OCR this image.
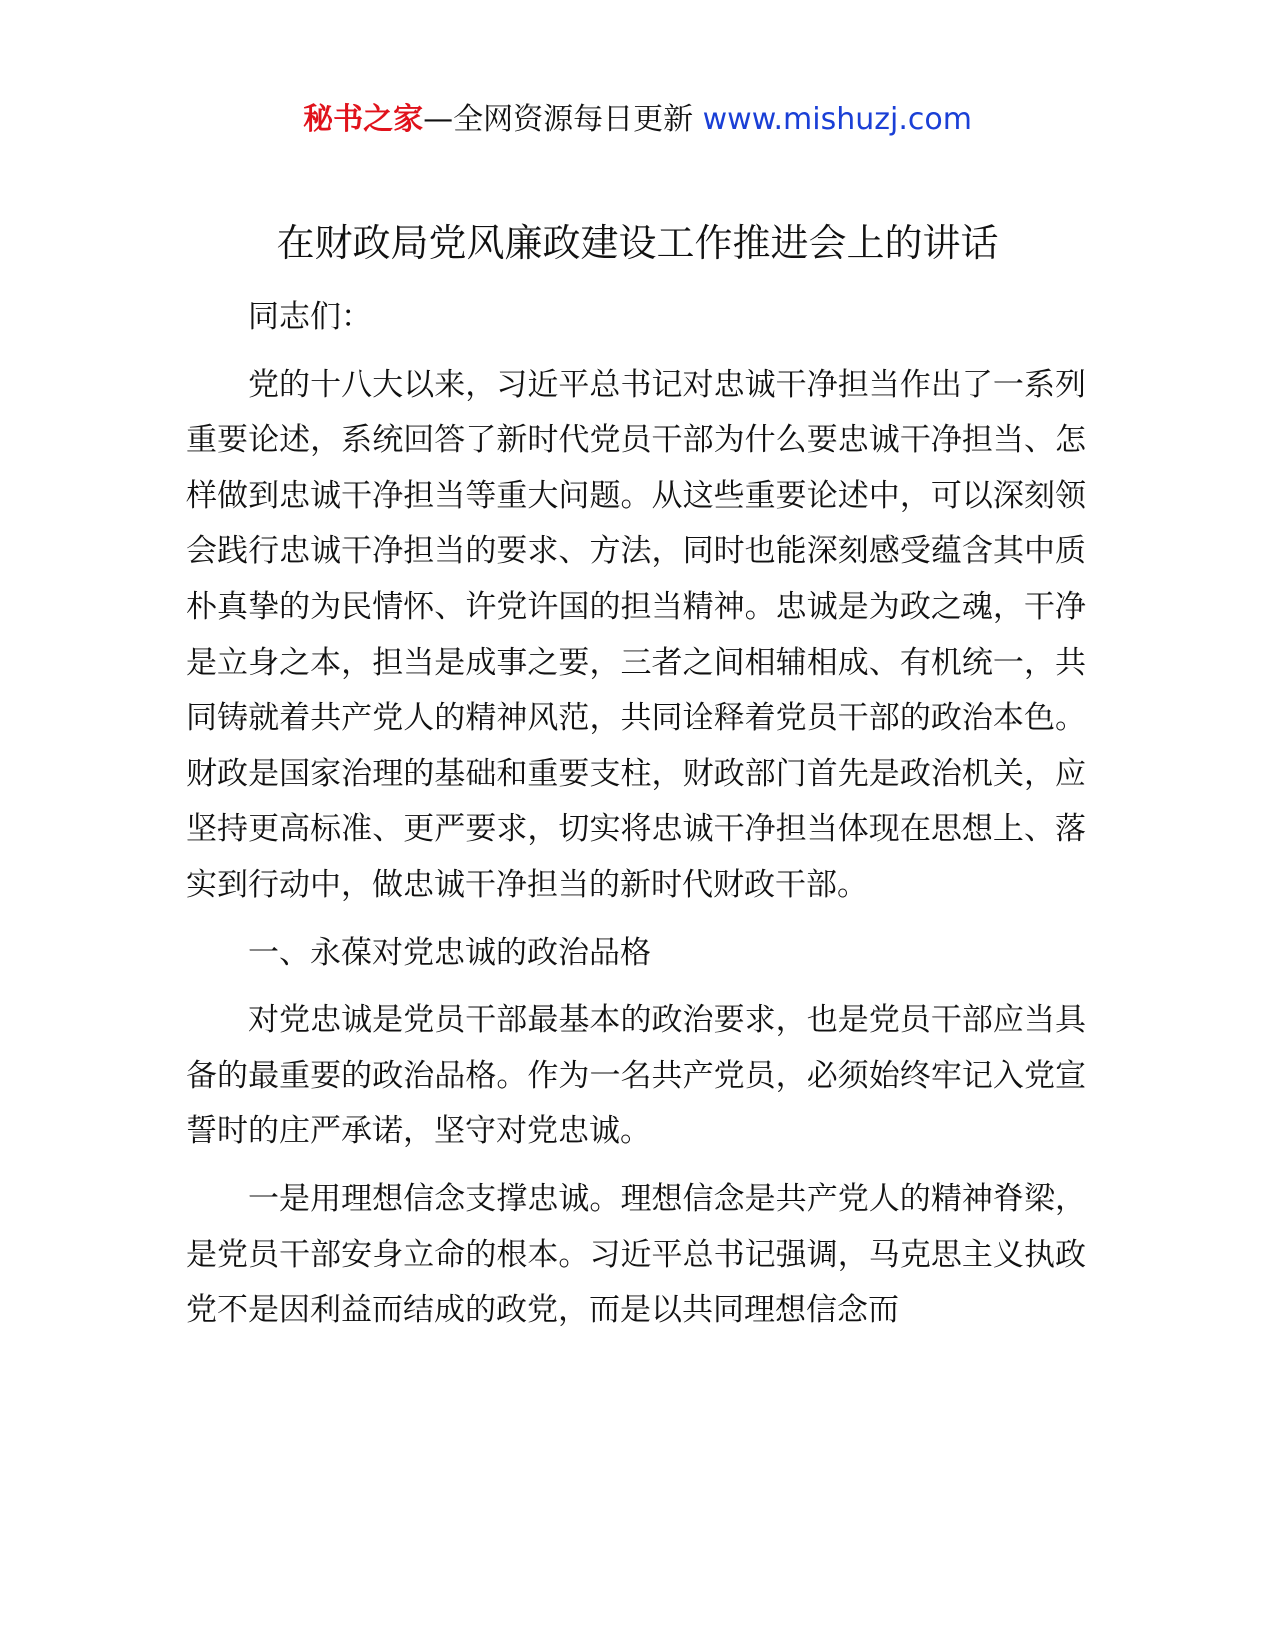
秘书之家—全网资源每日更新 www.mishuzj.com
在财政局党风廉政建设工作推进会上的讲话

同志们：

党的十八大以来，习近平总书记对忠诚干净担当作出了一系列重要论述，系统回答了新时代党员干部为什么要忠诚干净担当、怎样做到忠诚干净担当等重大问题。从这些重要论述中，可以深刻领会践行忠诚干净担当的要求、方法，同时也能深刻感受蕴含其中质朴真挚的为民情怀、许党许国的担当精神。忠诚是为政之魂，干净是立身之本，担当是成事之要，三者之间相辅相成、有机统一，共同铸就着共产党人的精神风范，共同诠释着党员干部的政治本色。财政是国家治理的基础和重要支柱，财政部门首先是政治机关，应坚持更高标准、更严要求，切实将忠诚干净担当体现在思想上、落实到行动中，做忠诚干净担当的新时代财政干部。

一、永葆对党忠诚的政治品格

对党忠诚是党员干部最基本的政治要求，也是党员干部应当具备的最重要的政治品格。作为一名共产党员，必须始终牢记入党宣誓时的庄严承诺，坚守对党忠诚。

一是用理想信念支撑忠诚。理想信念是共产党人的精神脊梁，是党员干部安身立命的根本。习近平总书记强调，马克思主义执政党不是因利益而结成的政党，而是以共同理想信念而
